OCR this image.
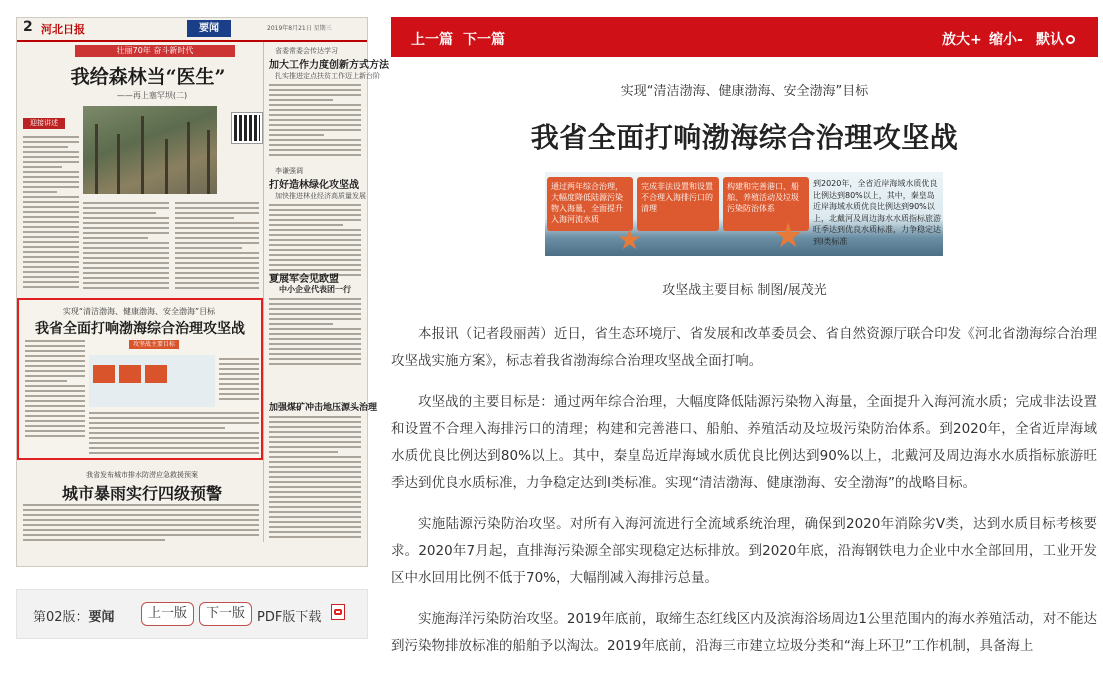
2 河北日报	要闻	2019年8月21日 星期三
壮丽70年 奋斗新时代
我给森林当“医生”
——再上塞罕坝(二)
迎接讲述
省委常委会传达学习
加大工作力度创新方式方法
扎实推进定点扶贫工作迈上新台阶
李谦强调
打好造林绿化攻坚战
加快推进林业经济高质量发展
夏展军会见欧盟
中小企业代表团一行
加强煤矿冲击地压源头治理
实现“清洁渤海、健康渤海、安全渤海”目标
我省全面打响渤海综合治理攻坚战
攻坚战主要目标
我省发布城市排水防涝应急救援预案
城市暴雨实行四级预警
第02版：要闻	上一版	下一版 PDF版下载
上一篇 下一篇	放大+ 缩小- 默认
实现“清洁渤海、健康渤海、安全渤海”目标
我省全面打响渤海综合治理攻坚战
通过两年综合治理，大幅度降低陆源污染物入海量，全面提升入海河流水质
完成非法设置和设置不合理入海排污口的清理
构建和完善港口、船舶、养殖活动及垃圾污染防治体系
到2020年，全省近岸海域水质优良比例达到80%以上，其中，秦皇岛近岸海域水质优良比例达到90%以上，北戴河及周边海水水质指标旅游旺季达到优良水质标准，力争稳定达到Ⅰ类标准
★	★
攻坚战主要目标 制图/展茂光

本报讯（记者段丽茜）近日，省生态环境厅、省发展和改革委员会、省自然资源厅联合印发《河北省渤海综合治理攻坚战实施方案》，标志着我省渤海综合治理攻坚战全面打响。

攻坚战的主要目标是：通过两年综合治理，大幅度降低陆源污染物入海量，全面提升入海河流水质；完成非法设置和设置不合理入海排污口的清理；构建和完善港口、船舶、养殖活动及垃圾污染防治体系。到2020年，全省近岸海域水质优良比例达到80%以上。其中，秦皇岛近岸海域水质优良比例达到90%以上，北戴河及周边海水水质指标旅游旺季达到优良水质标准，力争稳定达到Ⅰ类标准。实现“清洁渤海、健康渤海、安全渤海”的战略目标。

实施陆源污染防治攻坚。对所有入海河流进行全流域系统治理，确保到2020年消除劣Ⅴ类，达到水质目标考核要求。2020年7月起，直排海污染源全部实现稳定达标排放。到2020年底，沿海钢铁电力企业中水全部回用，工业开发区中水回用比例不低于70%，大幅削减入海排污总量。

实施海洋污染防治攻坚。2019年底前，取缔生态红线区内及滨海浴场周边1公里范围内的海水养殖活动，对不能达到污染物排放标准的船舶予以淘汰。2019年底前，沿海三市建立垃圾分类和“海上环卫”工作机制，具备海上
